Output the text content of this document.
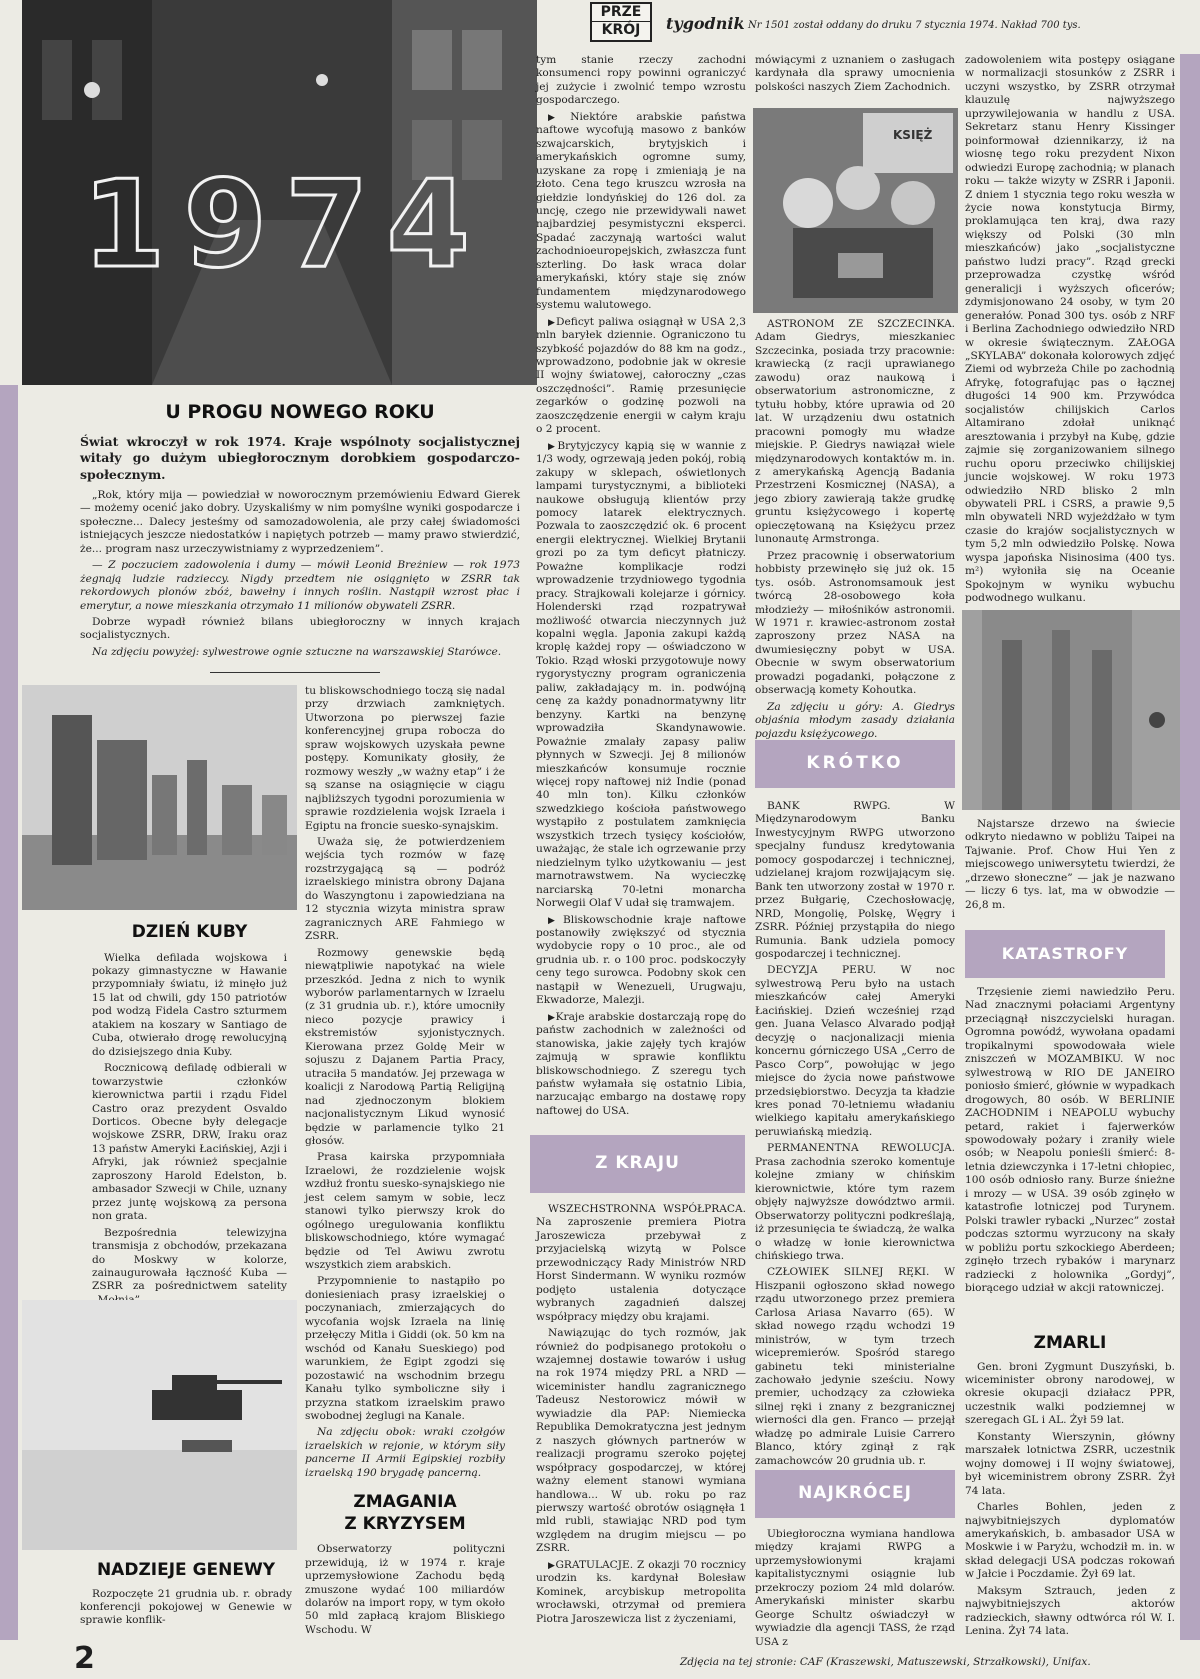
PRZE
KRÓJ	tygodnik Nr 1501 został oddany do druku 7 stycznia 1974. Nakład 700 tys.
1974
U PROGU NOWEGO ROKU

Świat wkroczył w rok 1974. Kraje wspólnoty socjalistycznej witały go dużym ubiegłorocznym dorobkiem gospodarczo-społecznym.

„Rok, który mija — powiedział w noworocznym przemówieniu Edward Gierek — możemy ocenić jako dobry. Uzyskaliśmy w nim pomyślne wyniki gospodarcze i społeczne... Dalecy jesteśmy od samozadowolenia, ale przy całej świadomości istniejących jeszcze niedostatków i napiętych potrzeb — mamy prawo stwierdzić, że... program nasz urzeczywistniamy z wyprzedzeniem”.

— Z poczuciem zadowolenia i dumy — mówił Leonid Breżniew — rok 1973 żegnają ludzie radzieccy. Nigdy przedtem nie osiągnięto w ZSRR tak rekordowych plonów zbóż, bawełny i innych roślin. Nastąpił wzrost płac i emerytur, a nowe mieszkania otrzymało 11 milionów obywateli ZSRR.

Dobrze wypadł również bilans ubiegłoroczny w innych krajach socjalistycznych.

Na zdjęciu powyżej: sylwestrowe ognie sztuczne na warszawskiej Starówce.

DZIEŃ KUBY

Wielka defilada wojskowa i pokazy gimnastyczne w Hawanie przypomniały światu, iż minęło już 15 lat od chwili, gdy 150 patriotów pod wodzą Fidela Castro szturmem atakiem na koszary w Santiago de Cuba, otwierało drogę rewolucyjną do dzisiejszego dnia Kuby.

Rocznicową defiladę odbierali w towarzystwie członków kierownictwa partii i rządu Fidel Castro oraz prezydent Osvaldo Dorticos. Obecne były delegacje wojskowe ZSRR, DRW, Iraku oraz 13 państw Ameryki Łacińskiej, Azji i Afryki, jak również specjalnie zaproszony Harold Edelston, b. ambasador Szwecji w Chile, uznany przez juntę wojskową za persona non grata.

Bezpośrednia telewizyjna transmisja z obchodów, przekazana do Moskwy w kolorze, zainaugurowała łączność Kuba — ZSRR za pośrednictwem satelity

NADZIEJE GENEWY

Rozpoczęte 21 grudnia ub. r. obrady konferencji pokojowej w Genewie w sprawie konflik-

tu bliskowschodniego toczą się nadal przy drzwiach zamkniętych. Utworzona po pierwszej fazie konferencyjnej grupa robocza do spraw wojskowych uzyskała pewne postępy. Komunikaty głosiły, że rozmowy weszły „w ważny etap” i że są szanse na osiągnięcie w ciągu najbliższych tygodni porozumienia w sprawie rozdzielenia wojsk Izraela i Egiptu na froncie suesko-synajskim.

Uważa się, że potwierdzeniem wejścia tych rozmów w fazę rozstrzygającą są — podróż izraelskiego ministra obrony Dajana do Waszyngtonu i zapowiedziana na 12 stycznia wizyta ministra spraw zagranicznych ARE Fahmiego w ZSRR.

Rozmowy genewskie będą niewątpliwie napotykać na wiele przeszkód. Jedna z nich to wynik wyborów parlamentarnych w Izraelu (z 31 grudnia ub. r.), które umocniły nieco pozycje prawicy i ekstremistów syjonistycznych. Kierowana przez Goldę Meir w sojuszu z Dajanem Partia Pracy, utraciła 5 mandatów. Jej przewaga w koalicji z Narodową Partią Religijną nad zjednoczonym blokiem nacjonalistycznym Likud wynosić będzie w parlamencie tylko 21 głosów.

Prasa kairska przypomniała Izraelowi, że rozdzielenie wojsk wzdłuż frontu suesko-synajskiego nie jest celem samym w sobie, lecz stanowi tylko pierwszy krok do ogólnego uregulowania konfliktu bliskowschodniego, które wymagać będzie od Tel Awiwu zwrotu wszystkich ziem arabskich.

Przypomnienie to nastąpiło po doniesieniach prasy izraelskiej o poczynaniach, zmierzających do wycofania wojsk Izraela na linię przełęczy Mitla i Giddi (ok. 50 km na wschód od Kanału Sueskiego) pod warunkiem, że Egipt zgodzi się pozostawić na wschodnim brzegu Kanału tylko symboliczne siły i przyzna statkom izraelskim prawo swobodnej żeglugi na Kanale.

Na zdjęciu obok: wraki czołgów izraelskich w rejonie, w którym siły pancerne II Armii Egipskiej rozbiły izraelską 190 brygadę pancerną.

ZMAGANIA
Z KRYZYSEM

Obserwatorzy polityczni przewidują, iż w 1974 r. kraje uprzemysłowione Zachodu będą zmuszone wydać 100 miliardów dolarów na import ropy, w tym około 50 mld zapłacą krajom Bliskiego Wschodu. W

tym stanie rzeczy zachodni konsumenci ropy powinni ograniczyć jej zużycie i zwolnić tempo wzrostu gospodarczego.

▶ Niektóre arabskie państwa naftowe wycofują masowo z banków szwajcarskich, brytyjskich i amerykańskich ogromne sumy, uzyskane za ropę i zmieniają je na złoto. Cena tego kruszcu wzrosła na giełdzie londyńskiej do 126 dol. za uncję, czego nie przewidywali nawet najbardziej pesymistyczni eksperci. Spadać zaczynają wartości walut zachodnioeuropejskich, zwłaszcza funt szterling. Do łask wraca dolar amerykański, który staje się znów fundamentem międzynarodowego systemu walutowego.

▶ Deficyt paliwa osiągnął w USA 2,3 mln baryłek dziennie. Ograniczono tu szybkość pojazdów do 88 km na godz., wprowadzono, podobnie jak w okresie II wojny światowej, całoroczny „czas oszczędności”. Ramię przesunięcie zegarków o godzinę pozwoli na zaoszczędzenie energii w całym kraju o 2 procent.

▶ Brytyjczycy kąpią się w wannie z 1/3 wody, ogrzewają jeden pokój, robią zakupy w sklepach, oświetlonych lampami turystycznymi, a biblioteki naukowe obsługują klientów przy pomocy latarek elektrycznych. Pozwala to zaoszczędzić ok. 6 procent energii elektrycznej. Wielkiej Brytanii grozi po za tym deficyt płatniczy. Poważne komplikacje rodzi wprowadzenie trzydniowego tygodnia pracy. Strajkowali kolejarze i górnicy. Holenderski rząd rozpatrywał możliwość otwarcia nieczynnych już kopalni węgla. Japonia zakupi każdą kroplę każdej ropy — oświadczono w Tokio. Rząd włoski przygotowuje nowy rygorystyczny program ograniczenia paliw, zakładający m. in. podwójną cenę za każdy ponadnormatywny litr benzyny. Kartki na benzynę wprowadziła Skandynawowie. Poważnie zmalały zapasy paliw płynnych w Szwecji. Jej 8 milionów mieszkańców konsumuje rocznie więcej ropy naftowej niż Indie (ponad 40 mln ton). Kilku członków szwedzkiego kościoła państwowego wystąpiło z postulatem zamknięcia wszystkich trzech tysięcy kościołów, uważając, że stale ich ogrzewanie przy niedzielnym tylko użytkowaniu — jest marnotrawstwem. Na wycieczkę narciarską 70-letni monarcha Norwegii Olaf V udał się tramwajem.

▶ Bliskowschodnie kraje naftowe postanowiły zwiększyć od stycznia wydobycie ropy o 10 proc., ale od grudnia ub. r. o 100 proc. podskoczyły ceny tego surowca. Podobny skok cen nastąpił w Wenezueli, Urugwaju, Ekwadorze, Malezji.

▶ Kraje arabskie dostarczają ropę do państw zachodnich w zależności od stanowiska, jakie zajęły tych krajów zajmują w sprawie konfliktu bliskowschodniego. Z szeregu tych państw wyłamała się ostatnio Libia, narzucając embargo na dostawę ropy naftowej do USA.

Z KRAJU

WSZECHSTRONNA WSPÓŁPRACA. Na zaproszenie premiera Piotra Jaroszewicza przebywał z przyjacielską wizytą w Polsce przewodniczący Rady Ministrów NRD Horst Sindermann. W wyniku rozmów podjęto ustalenia dotyczące wybranych zagadnień dalszej współpracy między obu krajami.

Nawiązując do tych rozmów, jak również do podpisanego protokołu o wzajemnej dostawie towarów i usług na rok 1974 między PRL a NRD — wiceminister handlu zagranicznego Tadeusz Nestorowicz mówił w wywiadzie dla PAP: Niemiecka Republika Demokratyczna jest jednym z naszych głównych partnerów w realizacji programu szeroko pojętej współpracy gospodarczej, w której ważny element stanowi wymiana handlowa... W ub. roku po raz pierwszy wartość obrotów osiągnęła 1 mld rubli, stawiając NRD pod tym względem na drugim miejscu — po ZSRR.

▶ GRATULACJE. Z okazji 70 rocznicy urodzin ks. kardynał Bolesław Kominek, arcybiskup metropolita wrocławski, otrzymał od premiera Piotra Jaroszewicza list z życzeniami,

mówiącymi z uznaniem o zasługach kardynała dla sprawy umocnienia polskości naszych Ziem Zachodnich.

KSIĘŻ

ASTRONOM ZE SZCZECINKA. Adam Giedrys, mieszkaniec Szczecinka, posiada trzy pracownie: krawiecką (z racji uprawianego zawodu) oraz naukową i obserwatorium astronomiczne, z tytułu hobby, które uprawia od 20 lat. W urządzeniu dwu ostatnich pracowni pomogły mu władze miejskie. P. Giedrys nawiązał wiele międzynarodowych kontaktów m. in. z amerykańską Agencją Badania Przestrzeni Kosmicznej (NASA), a jego zbiory zawierają także grudkę gruntu księżycowego i kopertę opieczętowaną na Księżycu przez lunonautę Armstronga.

Przez pracownię i obserwatorium hobbisty przewinęło się już ok. 15 tys. osób. Astronomsamouk jest twórcą 28-osobowego koła młodzieży — miłośników astronomii. W 1971 r. krawiec-astronom został zaproszony przez NASA na dwumiesięczny pobyt w USA. Obecnie w swym obserwatorium prowadzi pogadanki, połączone z obserwacją komety Kohoutka.

Za zdjęciu u góry: A. Giedrys objaśnia młodym zasady działania pojazdu księżycowego.

KRÓTKO

BANK RWPG. W Międzynarodowym Banku Inwestycyjnym RWPG utworzono specjalny fundusz kredytowania pomocy gospodarczej i technicznej, udzielanej krajom rozwijającym się. Bank ten utworzony został w 1970 r. przez Bułgarię, Czechosłowację, NRD, Mongolię, Polskę, Węgry i ZSRR. Później przystąpiła do niego Rumunia. Bank udziela pomocy gospodarczej i technicznej.

DECYZJA PERU. W noc sylwestrową Peru było na ustach mieszkańców całej Ameryki Łacińskiej. Dzień wcześniej rząd gen. Juana Velasco Alvarado podjął decyzję o nacjonalizacji mienia koncernu górniczego USA „Cerro de Pasco Corp”, powołując w jego miejsce do życia nowe państwowe przedsiębiorstwo. Decyzja ta kładzie kres ponad 70-letniemu władaniu wielkiego kapitału amerykańskiego peruwiańską miedzią.

PERMANENTNA REWOLUCJA. Prasa zachodnia szeroko komentuje kolejne zmiany w chińskim kierownictwie, które tym razem objęły najwyższe dowództwo armii. Obserwatorzy polityczni podkreślają, iż przesunięcia te świadczą, że walka o władzę w łonie kierownictwa chińskiego trwa.

CZŁOWIEK SILNEJ RĘKI. W Hiszpanii ogłoszono skład nowego rządu utworzonego przez premiera Carlosa Ariasa Navarro (65). W skład nowego rządu wchodzi 19 ministrów, w tym trzech wicepremierów. Spośród starego gabinetu teki ministerialne zachowało jedynie sześciu. Nowy premier, uchodzący za człowieka silnej ręki i znany z bezgranicznej wierności dla gen. Franco — przejął władzę po admirale Luisie Carrero Blanco, który zginął z rąk zamachowców 20 grudnia ub. r.

NAJKRÓCEJ

Ubiegłoroczna wymiana handlowa między krajami RWPG a uprzemysłowionymi krajami kapitalistycznymi osiągnie lub przekroczy poziom 24 mld dolarów. Amerykański minister skarbu George Schultz oświadczył w wywiadzie dla agencji TASS, że rząd USA z

zadowoleniem wita postępy osiągane w normalizacji stosunków z ZSRR i uczyni wszystko, by ZSRR otrzymał klauzulę najwyższego uprzywilejowania w handlu z USA. Sekretarz stanu Henry Kissinger poinformował dziennikarzy, iż na wiosnę tego roku prezydent Nixon odwiedzi Europę zachodnią; w planach roku — także wizyty w ZSRR i Japonii. Z dniem 1 stycznia tego roku weszła w życie nowa konstytucja Birmy, proklamująca ten kraj, dwa razy większy od Polski (30 mln mieszkańców) jako „socjalistyczne państwo ludzi pracy”. Rząd grecki przeprowadza czystkę wśród generalicji i wyższych oficerów; zdymisjonowano 24 osoby, w tym 20 generałów. Ponad 300 tys. osób z NRF i Berlina Zachodniego odwiedziło NRD w okresie świątecznym. ZAŁOGA „SKYLABA” dokonała kolorowych zdjęć Ziemi od wybrzeża Chile po zachodnią Afrykę, fotografując pas o łącznej długości 14 900 km. Przywódca socjalistów chilijskich Carlos Altamirano zdołał uniknąć aresztowania i przybył na Kubę, gdzie zajmie się zorganizowaniem silnego ruchu oporu przeciwko chilijskiej juncie wojskowej. W roku 1973 odwiedziło NRD blisko 2 mln obywateli PRL i CSRS, a prawie 9,5 mln obywateli NRD wyjeżdżało w tym czasie do krajów socjalistycznych w tym 5,2 mln odwiedziło Polskę. Nowa wyspa japońska Nisinosima (400 tys. m²) wyłoniła się na Oceanie Spokojnym w wyniku wybuchu podwodnego wulkanu.

Najstarsze drzewo na świecie odkryto niedawno w pobliżu Taipei na Tajwanie. Prof. Chow Hui Yen z miejscowego uniwersytetu twierdzi, że „drzewo słoneczne” — jak je nazwano — liczy 6 tys. lat, ma w obwodzie — 26,8 m.

KATASTROFY

Trzęsienie ziemi nawiedziło Peru. Nad znacznymi połaciami Argentyny przeciągnął niszczycielski huragan. Ogromna powódź, wywołana opadami tropikalnymi spowodowała wiele zniszczeń w MOZAMBIKU. W noc sylwestrową w RIO DE JANEIRO poniosło śmierć, głównie w wypadkach drogowych, 80 osób. W BERLINIE ZACHODNIM i NEAPOLU wybuchy petard, rakiet i fajerwerków spowodowały pożary i zraniły wiele osób; w Neapolu ponieśli śmierć: 8-letnia dziewczynka i 17-letni chłopiec, 100 osób odniosło rany. Burze śnieżne i mrozy — w USA. 39 osób zginęło w katastrofie lotniczej pod Turynem. Polski trawler rybacki „Nurzec” został podczas sztormu wyrzucony na skały w pobliżu portu szkockiego Aberdeen; zginęło trzech rybaków i marynarz radziecki z holownika „Gordyj”, biorącego udział w akcji ratowniczej.

ZMARLI

Gen. broni Zygmunt Duszyński, b. wiceminister obrony narodowej, w okresie okupacji działacz PPR, uczestnik walki podziemnej w szeregach GL i AL. Żył 59 lat.

Konstanty Wierszynin, główny marszałek lotnictwa ZSRR, uczestnik wojny domowej i II wojny światowej, był wiceministrem obrony ZSRR. Żył 74 lata.

Charles Bohlen, jeden z najwybitniejszych dyplomatów amerykańskich, b. ambasador USA w Moskwie i w Paryżu, wchodził m. in. w skład delegacji USA podczas rokowań w Jałcie i Poczdamie. Żył 69 lat.

Maksym Sztrauch, jeden z najwybitniejszych aktorów radzieckich, sławny odtwórca ról W. I. Lenina. Żył 74 lata.

2	Zdjęcia na tej stronie: CAF (Kraszewski, Matuszewski, Strzałkowski), Unifax.
